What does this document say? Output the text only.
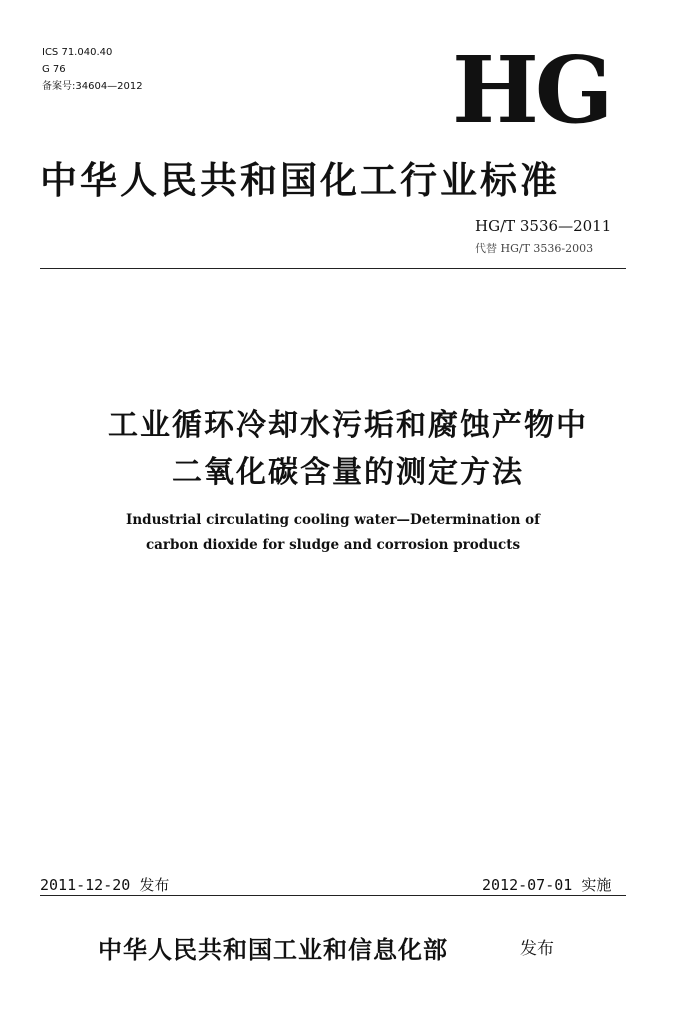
ICS 71.040.40
G 76
备案号:34604—2012	HG
中华人民共和国化工行业标准
HG/T 3536—2011
代替 HG/T 3536-2003
工业循环冷却水污垢和腐蚀产物中
二氧化碳含量的测定方法
Industrial circulating cooling water—Determination of
carbon dioxide for sludge and corrosion products
2011-12-20 发布	2012-07-01 实施
中华人民共和国工业和信息化部	发布
